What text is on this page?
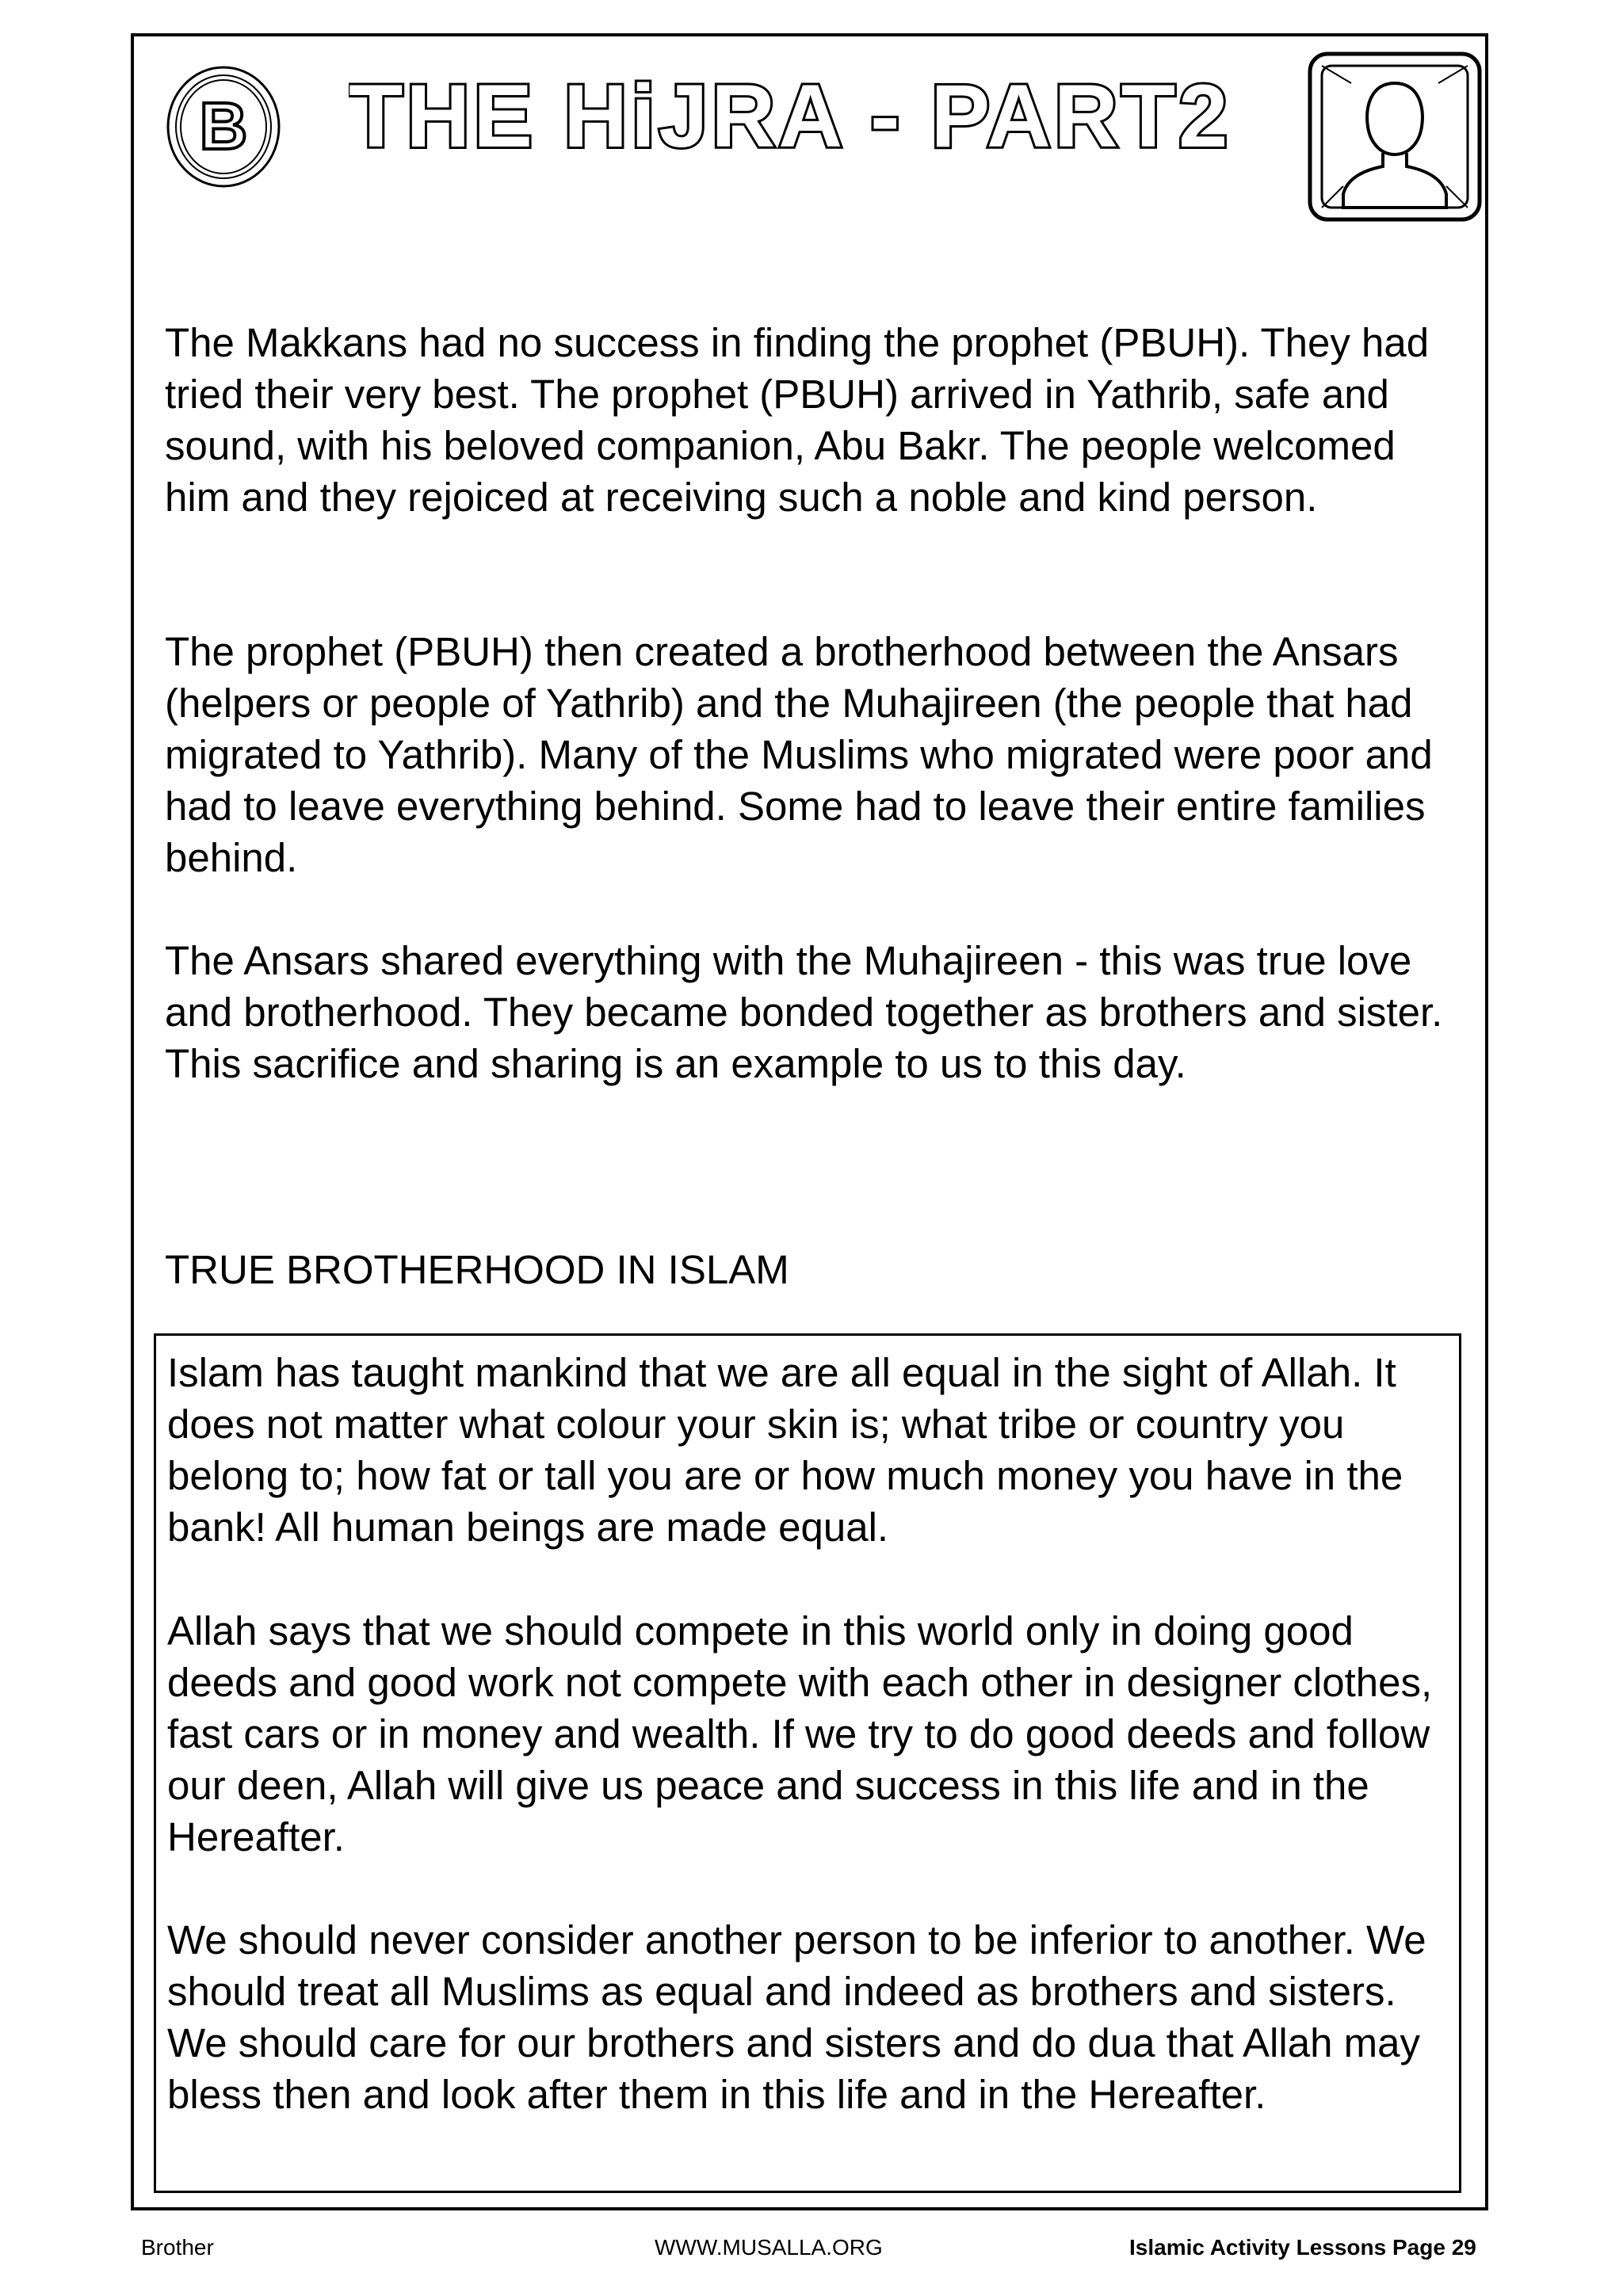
B THE HiJRA - PART2

The Makkans had no success in finding the prophet (PBUH). They had tried their very best. The prophet (PBUH) arrived in Yathrib, safe and sound, with his beloved companion, Abu Bakr. The people welcomed him and they rejoiced at receiving such a noble and kind person.

The prophet (PBUH) then created a brotherhood between the Ansars (helpers or people of Yathrib) and the Muhajireen (the people that had migrated to Yathrib). Many of the Muslims who migrated were poor and had to leave everything behind. Some had to leave their entire families behind.

The Ansars shared everything with the Muhajireen - this was true love and brotherhood. They became bonded together as brothers and sister. This sacrifice and sharing is an example to us to this day.

TRUE BROTHERHOOD IN ISLAM

Islam has taught mankind that we are all equal in the sight of Allah. It does not matter what colour your skin is; what tribe or country you belong to; how fat or tall you are or how much money you have in the bank! All human beings are made equal.

Allah says that we should compete in this world only in doing good deeds and good work not compete with each other in designer clothes, fast cars or in money and wealth. If we try to do good deeds and follow our deen, Allah will give us peace and success in this life and in the Hereafter.

We should never consider another person to be inferior to another. We should treat all Muslims as equal and indeed as brothers and sisters. We should care for our brothers and sisters and do dua that Allah may bless then and look after them in this life and in the Hereafter.

Brother	WWW.MUSALLA.ORG	Islamic Activity Lessons Page 29
